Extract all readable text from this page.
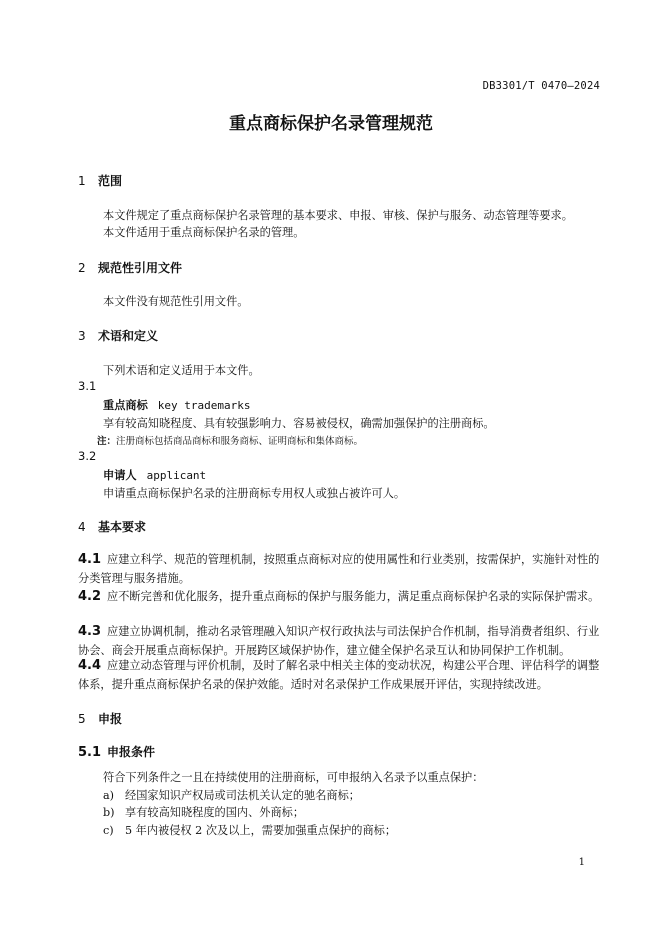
DB3301/T 0470—2024
重点商标保护名录管理规范
1 范围
本文件规定了重点商标保护名录管理的基本要求、申报、审核、保护与服务、动态管理等要求。
本文件适用于重点商标保护名录的管理。
2 规范性引用文件
本文件没有规范性引用文件。
3 术语和定义
下列术语和定义适用于本文件。
3.1
重点商标 key trademarks
享有较高知晓程度、具有较强影响力、容易被侵权，确需加强保护的注册商标。
注：注册商标包括商品商标和服务商标、证明商标和集体商标。
3.2
申请人 applicant
申请重点商标保护名录的注册商标专用权人或独占被许可人。
4 基本要求
4.1 应建立科学、规范的管理机制，按照重点商标对应的使用属性和行业类别，按需保护，实施针对性的分类管理与服务措施。
4.2 应不断完善和优化服务，提升重点商标的保护与服务能力，满足重点商标保护名录的实际保护需求。
4.3 应建立协调机制，推动名录管理融入知识产权行政执法与司法保护合作机制，指导消费者组织、行业协会、商会开展重点商标保护。开展跨区域保护协作，建立健全保护名录互认和协同保护工作机制。
4.4 应建立动态管理与评价机制，及时了解名录中相关主体的变动状况，构建公平合理、评估科学的调整体系，提升重点商标保护名录的保护效能。适时对名录保护工作成果展开评估，实现持续改进。
5 申报
5.1 申报条件
符合下列条件之一且在持续使用的注册商标，可申报纳入名录予以重点保护：
a) 经国家知识产权局或司法机关认定的驰名商标；
b) 享有较高知晓程度的国内、外商标；
c) 5 年内被侵权 2 次及以上，需要加强重点保护的商标；
1
